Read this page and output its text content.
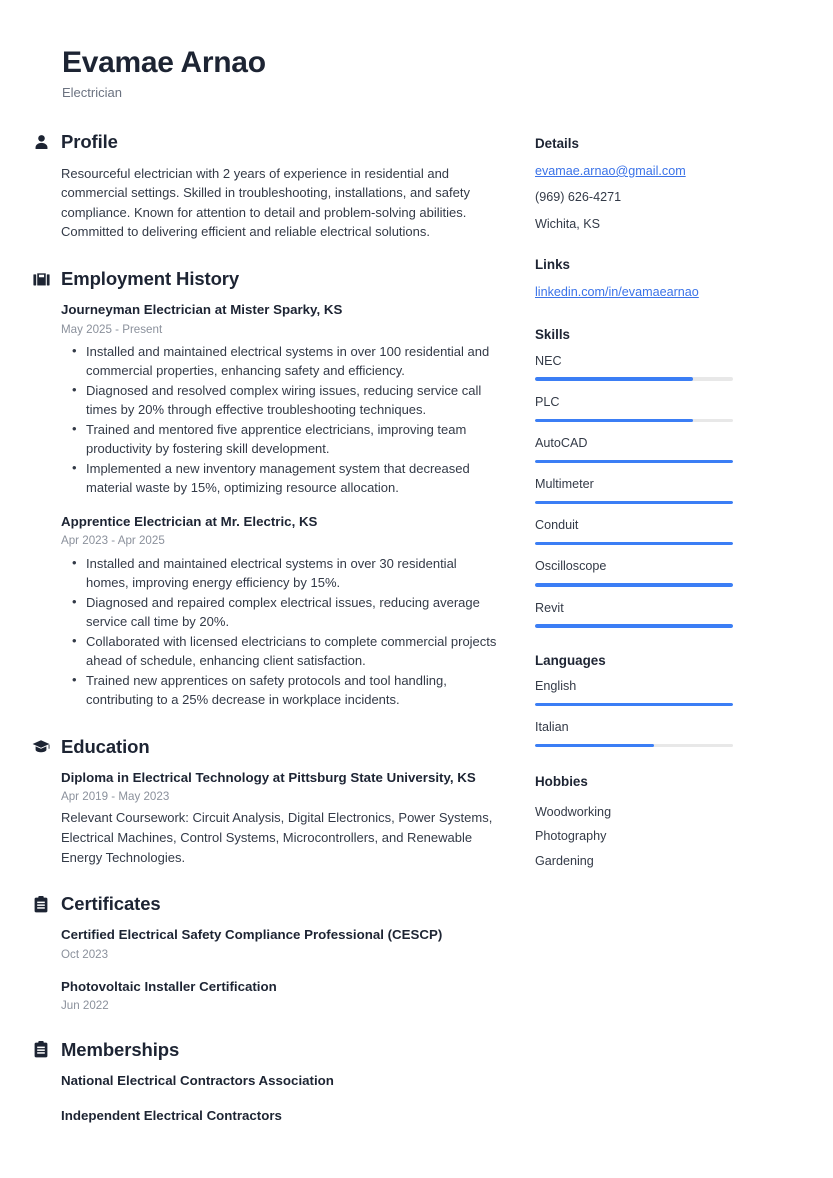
Evamae Arnao
Electrician
Profile

Resourceful electrician with 2 years of experience in residential and commercial settings. Skilled in troubleshooting, installations, and safety compliance. Known for attention to detail and problem-solving abilities. Committed to delivering efficient and reliable electrical solutions.

Employment History
Journeyman Electrician at Mister Sparky, KS
May 2025 - Present
• Installed and maintained electrical systems in over 100 residential and commercial properties, enhancing safety and efficiency.
• Diagnosed and resolved complex wiring issues, reducing service call times by 20% through effective troubleshooting techniques.
• Trained and mentored five apprentice electricians, improving team productivity by fostering skill development.
• Implemented a new inventory management system that decreased material waste by 15%, optimizing resource allocation.
Apprentice Electrician at Mr. Electric, KS
Apr 2023 - Apr 2025
• Installed and maintained electrical systems in over 30 residential homes, improving energy efficiency by 15%.
• Diagnosed and repaired complex electrical issues, reducing average service call time by 20%.
• Collaborated with licensed electricians to complete commercial projects ahead of schedule, enhancing client satisfaction.
• Trained new apprentices on safety protocols and tool handling, contributing to a 25% decrease in workplace incidents.
Education
Diploma in Electrical Technology at Pittsburg State University, KS
Apr 2019 - May 2023
Relevant Coursework: Circuit Analysis, Digital Electronics, Power Systems, Electrical Machines, Control Systems, Microcontrollers, and Renewable Energy Technologies.
Certificates
Certified Electrical Safety Compliance Professional (CESCP)
Oct 2023
Photovoltaic Installer Certification
Jun 2022
Memberships
National Electrical Contractors Association
Independent Electrical Contractors
Details
evamae.arnao@gmail.com
(969) 626-4271
Wichita, KS
Links
linkedin.com/in/evamaearnao
Skills
NEC
PLC
AutoCAD
Multimeter
Conduit
Oscilloscope
Revit
Languages
English
Italian
Hobbies
Woodworking
Photography
Gardening
